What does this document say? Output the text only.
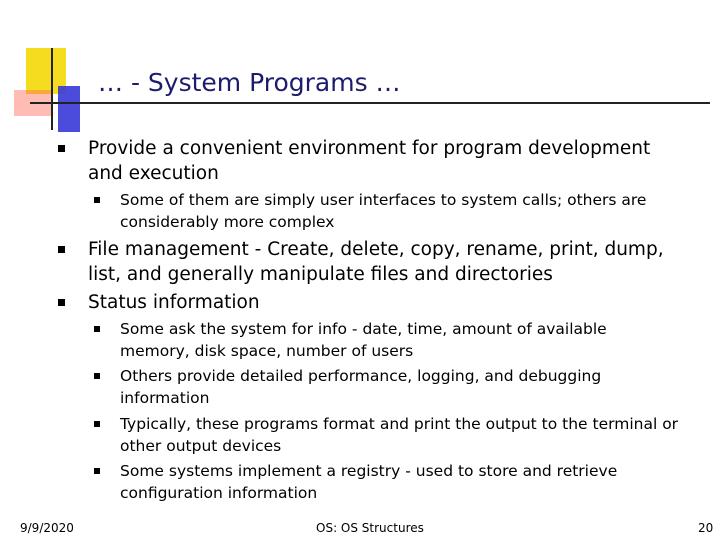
… - System Programs …
Provide a convenient environment for program development and execution
Some of them are simply user interfaces to system calls; others are considerably more complex
File management - Create, delete, copy, rename, print, dump, list, and generally manipulate files and directories
Status information
Some ask the system for info - date, time, amount of available memory, disk space, number of users
Others provide detailed performance, logging, and debugging information
Typically, these programs format and print the output to the terminal or other output devices
Some systems implement a registry - used to store and retrieve configuration information
9/9/2020	OS: OS Structures	20
